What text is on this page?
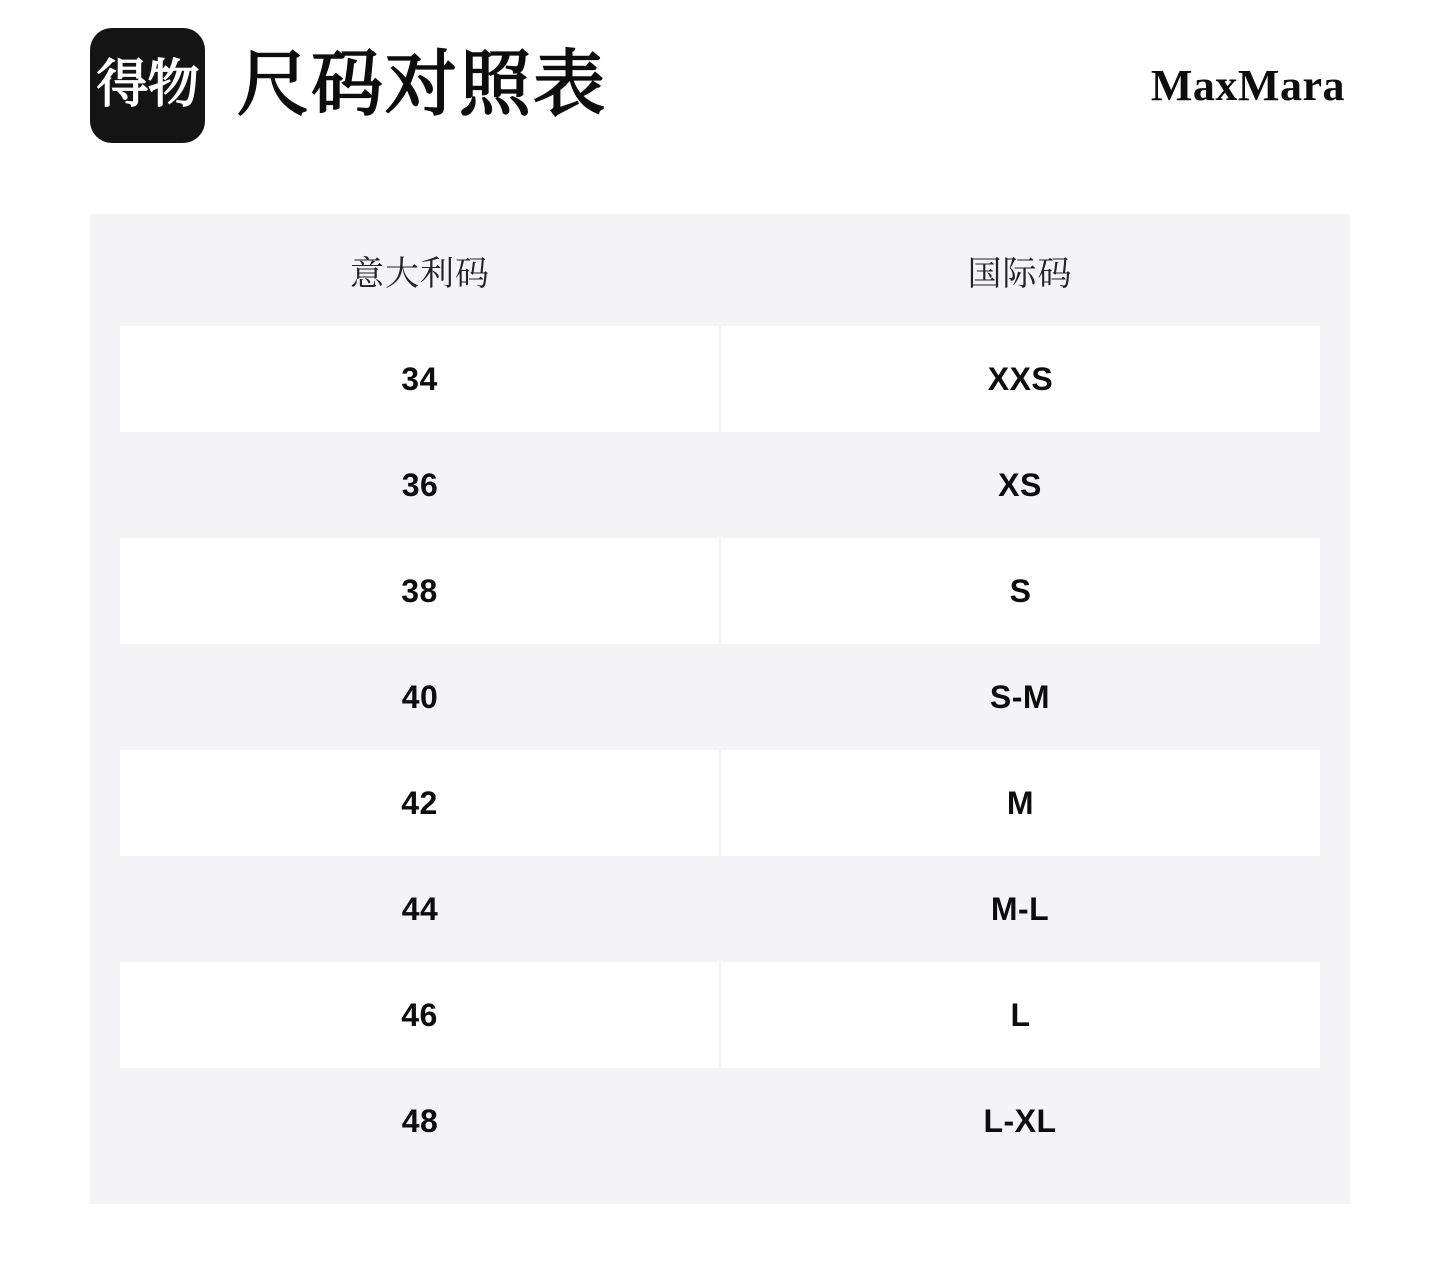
得物 尺码对照表	MaxMara
意大利码	国际码
34	XXS
36	XS
38	S
40	S-M
42	M
44	M-L
46	L
48	L-XL
